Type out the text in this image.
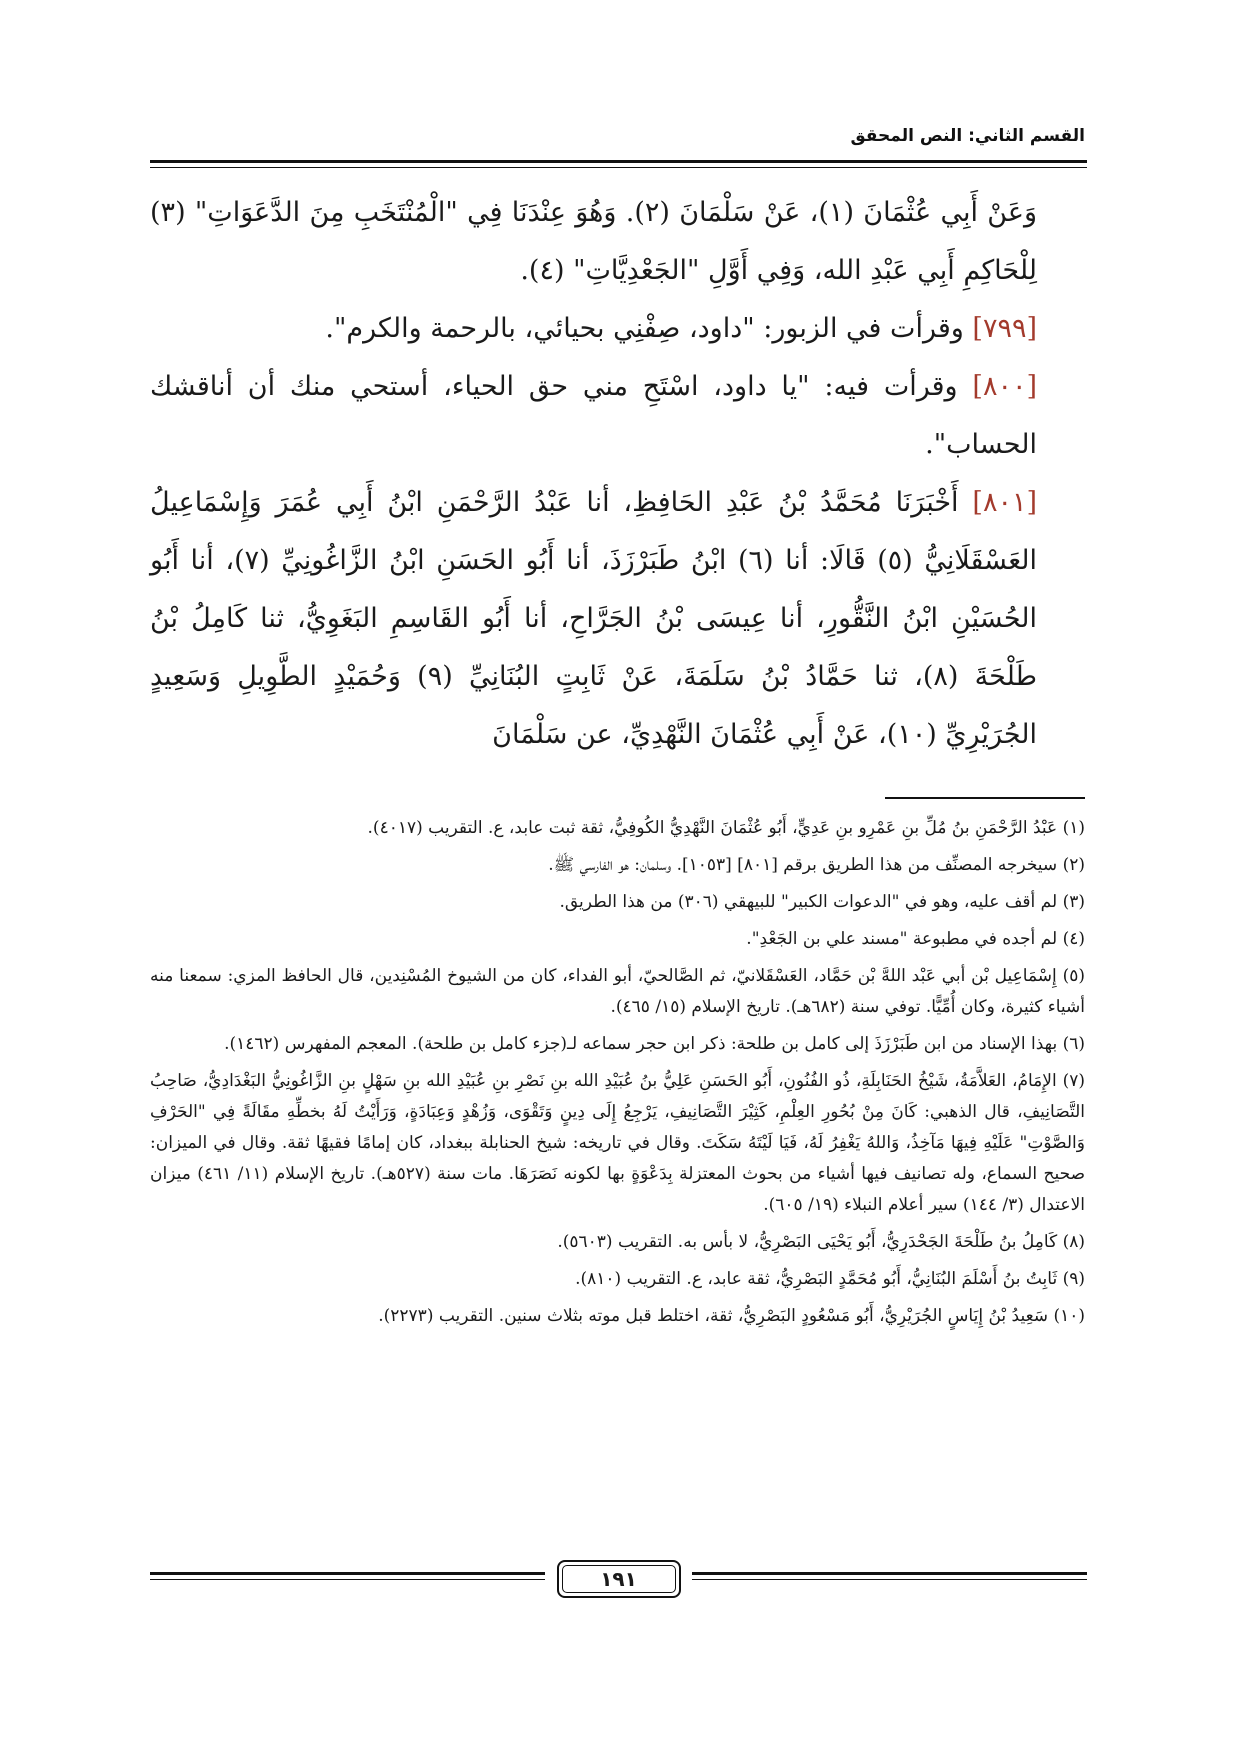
القسم الثاني: النص المحقق

وَعَنْ أَبِي عُثْمَانَ (١)، عَنْ سَلْمَانَ (٢). وَهُوَ عِنْدَنَا فِي "الْمُنْتَخَبِ مِنَ الدَّعَوَاتِ" (٣) لِلْحَاكِمِ أَبِي عَبْدِ الله، وَفِي أَوَّلِ "الجَعْدِيَّاتِ" (٤).

[٧٩٩] وقرأت في الزبور: "داود، صِفْنِي بحيائي، بالرحمة والكرم".

[٨٠٠] وقرأت فيه: "يا داود، اسْتَحِ مني حق الحياء، أستحي منك أن أناقشك الحساب".

[٨٠١] أَخْبَرَنَا مُحَمَّدُ بْنُ عَبْدِ الحَافِظِ، أنا عَبْدُ الرَّحْمَنِ ابْنُ أَبِي عُمَرَ وَإِسْمَاعِيلُ العَسْقَلَانِيُّ (٥) قَالَا: أنا (٦) ابْنُ طَبَرْزَذَ، أنا أَبُو الحَسَنِ ابْنُ الزَّاغُونِيِّ (٧)، أنا أَبُو الحُسَيْنِ ابْنُ النَّقُّورِ، أنا عِيسَى بْنُ الجَرَّاحِ، أنا أَبُو القَاسِمِ البَغَوِيُّ، ثنا كَامِلُ بْنُ طَلْحَةَ (٨)، ثنا حَمَّادُ بْنُ سَلَمَةَ، عَنْ ثَابِتٍ البُنَانِيِّ (٩) وَحُمَيْدٍ الطَّوِيلِ وَسَعِيدٍ الجُرَيْرِيِّ (١٠)، عَنْ أَبِي عُثْمَانَ النَّهْدِيِّ، عن سَلْمَانَ

(١) عَبْدُ الرَّحْمَنِ بنُ مُلِّ بنِ عَمْرِو بنِ عَدِيٍّ، أَبُو عُثْمَانَ النَّهْدِيُّ الكُوفِيُّ، ثقة ثبت عابد، ع. التقريب (٤٠١٧).

(٢) سيخرجه المصنِّف من هذا الطريق برقم [٨٠١] [١٠٥٣]. وسلمان: هو الفارسي ﷺ.

(٣) لم أقف عليه، وهو في "الدعوات الكبير" للبيهقي (٣٠٦) من هذا الطريق.

(٤) لم أجده في مطبوعة "مسند علي بن الجَعْدِ".

(٥) إِسْمَاعِيل بْن أبي عَبْد اللهَّ بْن حَمَّاد، العَسْقَلانيّ، ثم الصَّالحيّ، أبو الفداء، كان من الشيوخ المُسْنِدين، قال الحافظ المزي: سمعنا منه أشياء كثيرة، وكان أُمِّيًّا. توفي سنة (٦٨٢هـ). تاريخ الإسلام (١٥/ ٤٦٥).

(٦) بهذا الإسناد من ابن طَبَرْزَذَ إلى كامل بن طلحة: ذكر ابن حجر سماعه لـ(جزء كامل بن طلحة). المعجم المفهرس (١٤٦٢).

(٧) الإِمَامُ، العَلاَّمَةُ، شَيْخُ الحَنَابِلَةِ، ذُو الفُنُونِ، أَبُو الحَسَنِ عَلِيُّ بنُ عُبَيْدِ الله بنِ نَصْرِ بنِ عُبَيْدِ الله بنِ سَهْلٍ بنِ الزَّاغُونِيُّ البَغْدَادِيُّ، صَاحِبُ التَّصَانِيفِ، قال الذهبي: كَانَ مِنْ بُحُورِ العِلْمِ، كَثِيْرَ التَّصَانِيفِ، يَرْجِعُ إِلَى دِينٍ وَتَقْوَى، وَزُهْدٍ وَعِبَادَةٍ، وَرَأَيْتُ لَهُ بخطِّهِ مقَالَةً فِي "الحَرْفِ وَالصَّوْتِ" عَلَيْهِ فِيهَا مَآخِذُ، وَاللهُ يَغْفِرُ لَهُ، فَيَا لَيْتَهُ سَكَتَ. وقال في تاريخه: شيخ الحنابلة ببغداد، كان إمامًا فقيهًا ثقة. وقال في الميزان: صحيح السماع، وله تصانيف فيها أشياء من بحوث المعتزلة بِدَعْوَةٍ بها لكونه نَصَرَهَا. مات سنة (٥٢٧هـ). تاريخ الإسلام (١١/ ٤٦١) ميزان الاعتدال (٣/ ١٤٤) سير أعلام النبلاء (١٩/ ٦٠٥).

(٨) كَامِلُ بنُ طَلْحَةَ الجَحْدَرِيُّ، أَبُو يَحْيَى البَصْرِيُّ، لا بأس به. التقريب (٥٦٠٣).

(٩) ثَابِتُ بنُ أَسْلَمَ البُنَانِيُّ، أَبُو مُحَمَّدٍ البَصْرِيُّ، ثقة عابد، ع. التقريب (٨١٠).

(١٠) سَعِيدُ بْنُ إِيَاسٍ الجُرَيْرِيُّ، أَبُو مَسْعُودٍ البَصْرِيُّ، ثقة، اختلط قبل موته بثلاث سنين. التقريب (٢٢٧٣).

١٩١
